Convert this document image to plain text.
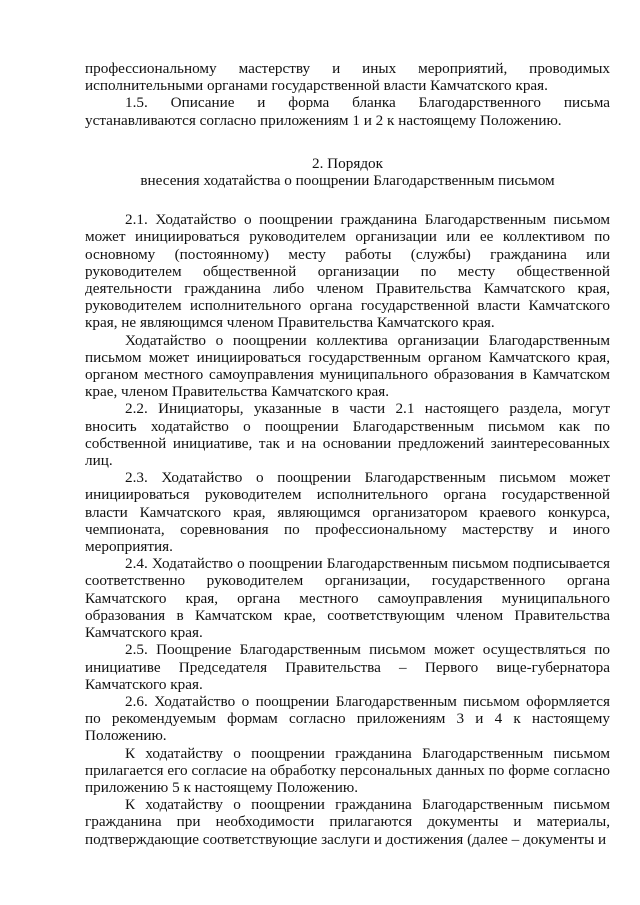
профессиональному мастерству и иных мероприятий, проводимых исполнительными органами государственной власти Камчатского края.

1.5. Описание и форма бланка Благодарственного письма устанавливаются согласно приложениям 1 и 2 к настоящему Положению.

2. Порядок

внесения ходатайства о поощрении Благодарственным письмом

2.1. Ходатайство о поощрении гражданина Благодарственным письмом может инициироваться руководителем организации или ее коллективом по основному (постоянному) месту работы (службы) гражданина или руководителем общественной организации по месту общественной деятельности гражданина либо членом Правительства Камчатского края, руководителем исполнительного органа государственной власти Камчатского края, не являющимся членом Правительства Камчатского края.

Ходатайство о поощрении коллектива организации Благодарственным письмом может инициироваться государственным органом Камчатского края, органом местного самоуправления муниципального образования в Камчатском крае, членом Правительства Камчатского края.

2.2. Инициаторы, указанные в части 2.1 настоящего раздела, могут вносить ходатайство о поощрении Благодарственным письмом как по собственной инициативе, так и на основании предложений заинтересованных лиц.

2.3. Ходатайство о поощрении Благодарственным письмом может инициироваться руководителем исполнительного органа государственной власти Камчатского края, являющимся организатором краевого конкурса, чемпионата, соревнования по профессиональному мастерству и иного мероприятия.

2.4. Ходатайство о поощрении Благодарственным письмом подписывается соответственно руководителем организации, государственного органа Камчатского края, органа местного самоуправления муниципального образования в Камчатском крае, соответствующим членом Правительства Камчатского края.

2.5. Поощрение Благодарственным письмом может осуществляться по инициативе Председателя Правительства – Первого вице-губернатора Камчатского края.

2.6. Ходатайство о поощрении Благодарственным письмом оформляется по рекомендуемым формам согласно приложениям 3 и 4 к настоящему Положению.

К ходатайству о поощрении гражданина Благодарственным письмом прилагается его согласие на обработку персональных данных по форме согласно приложению 5 к настоящему Положению.

К ходатайству о поощрении гражданина Благодарственным письмом гражданина при необходимости прилагаются документы и материалы, подтверждающие соответствующие заслуги и достижения (далее – документы и
